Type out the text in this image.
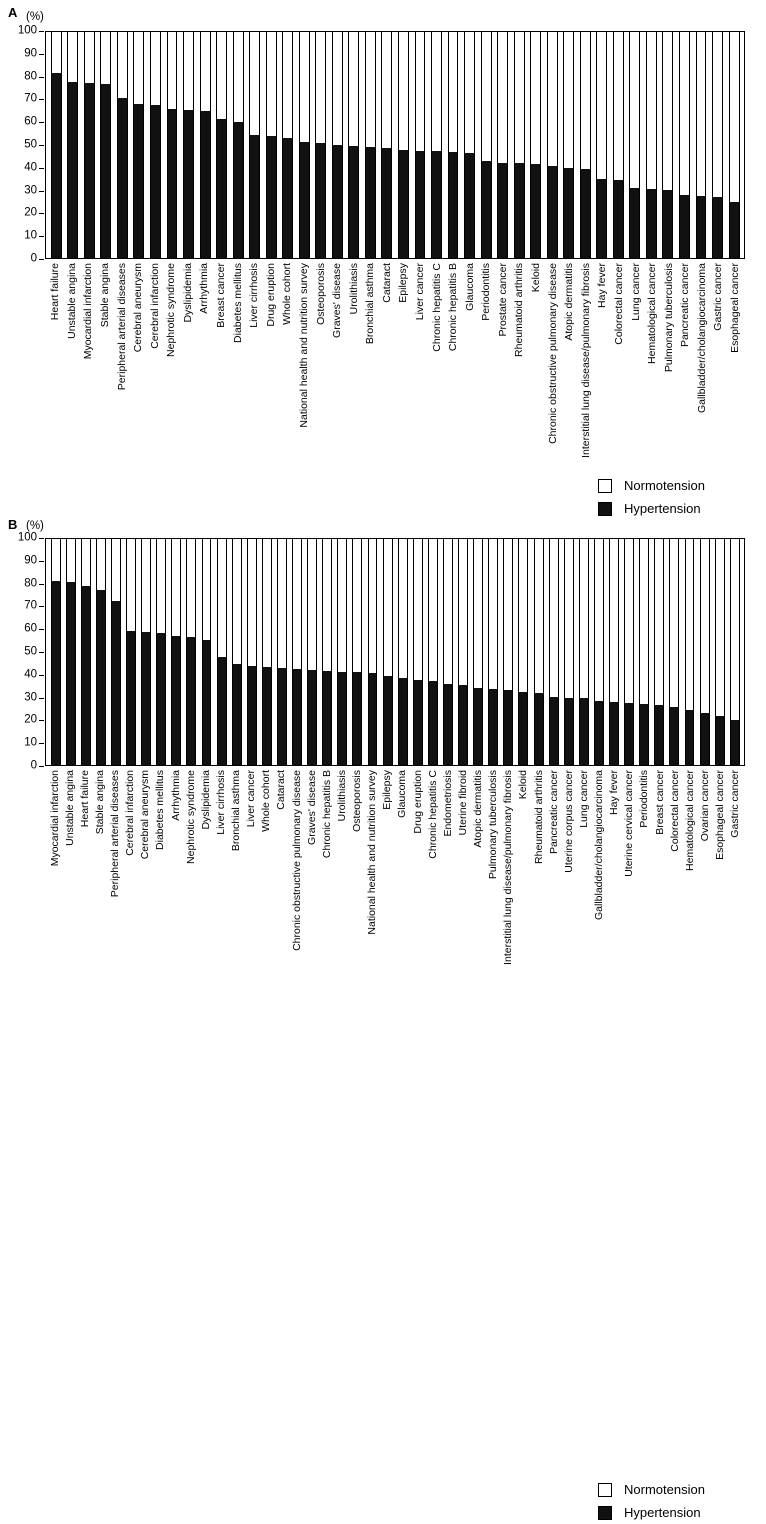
A (%)
0
10
20
30
40
50
60
70
80
90
100
Heart failure Unstable angina Myocardial infarction Stable angina Peripheral arterial diseases Cerebral aneurysm Cerebral infarction Nephrotic syndrome Dyslipidemia Arrhythmia Breast cancer Diabetes mellitus Liver cirrhosis Drug eruption Whole cohort National health and nutrition survey Osteoporosis Graves' disease Urolithiasis Bronchial asthma Cataract Epilepsy Liver cancer Chronic hepatitis C Chronic hepatitis B Glaucoma Periodontitis Prostate cancer Rheumatoid arthritis Keloid Chronic obstructive pulmonary disease Atopic dermatitis Interstitial lung disease/pulmonary fibrosis Hay fever Colorectal cancer Lung cancer Hematological cancer Pulmonary tuberculosis Pancreatic cancer Gallbladder/cholangiocarcinoma Gastric cancer Esophageal cancer
Normotension
Hypertension
B (%)
0
10
20
30
40
50
60
70
80
90
100
Myocardial infarction Unstable angina Heart failure Stable angina Peripheral arterial diseases Cerebral infarction Cerebral aneurysm Diabetes mellitus Arrhythmia Nephrotic syndrome Dyslipidemia Liver cirrhosis Bronchial asthma Liver cancer Whole cohort Cataract Chronic obstructive pulmonary disease Graves' disease Chronic hepatitis B Urolithiasis Osteoporosis National health and nutrition survey Epilepsy Glaucoma Drug eruption Chronic hepatitis C Endometriosis Uterine fibroid Atopic dermatitis Pulmonary tuberculosis Interstitial lung disease/pulmonary fibrosis Keloid Rheumatoid arthritis Pancreatic cancer Uterine corpus cancer Lung cancer Gallbladder/cholangiocarcinoma Hay fever Uterine cervical cancer Periodontitis Breast cancer Colorectal cancer Hematological cancer Ovarian cancer Esophageal cancer Gastric cancer
Normotension
Hypertension
